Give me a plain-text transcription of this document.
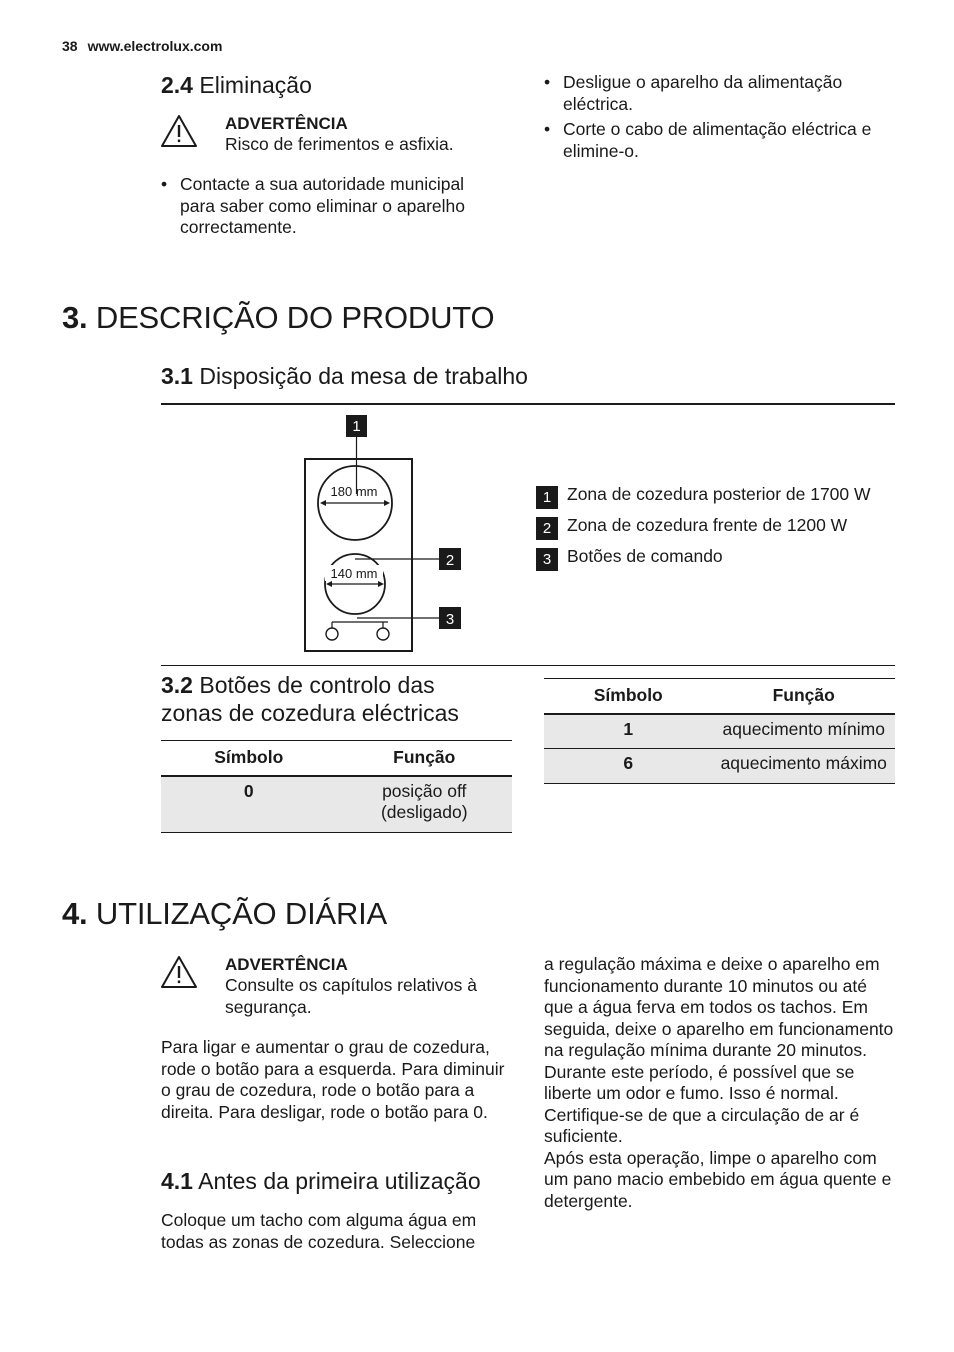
38 www.electrolux.com
2.4 Eliminação
ADVERTÊNCIA
Risco de ferimentos e asfixia.
• Contacte a sua autoridade municipal para saber como eliminar o aparelho correctamente.
• Desligue o aparelho da alimentação eléctrica.
• Corte o cabo de alimentação eléctrica e elimine-o.
3. DESCRIÇÃO DO PRODUTO
3.1 Disposição da mesa de trabalho
180 mm
140 mm
1
2
3
1 Zona de cozedura posterior de 1700 W
2 Zona de cozedura frente de 1200 W
3 Botões de comando
3.2 Botões de controlo das zonas de cozedura eléctricas
Símbolo	Função
0	posição off (desligado)
Símbolo	Função
1	aquecimento mínimo
6	aquecimento máximo
4. UTILIZAÇÃO DIÁRIA
ADVERTÊNCIA
Consulte os capítulos relativos à segurança.
Para ligar e aumentar o grau de cozedura, rode o botão para a esquerda. Para diminuir o grau de cozedura, rode o botão para a direita. Para desligar, rode o botão para 0.
4.1 Antes da primeira utilização
Coloque um tacho com alguma água em todas as zonas de cozedura. Seleccione
a regulação máxima e deixe o aparelho em funcionamento durante 10 minutos ou até que a água ferva em todos os tachos. Em seguida, deixe o aparelho em funcionamento na regulação mínima durante 20 minutos. Durante este período, é possível que se liberte um odor e fumo. Isso é normal. Certifique-se de que a circulação de ar é suficiente.
Após esta operação, limpe o aparelho com um pano macio embebido em água quente e detergente.
